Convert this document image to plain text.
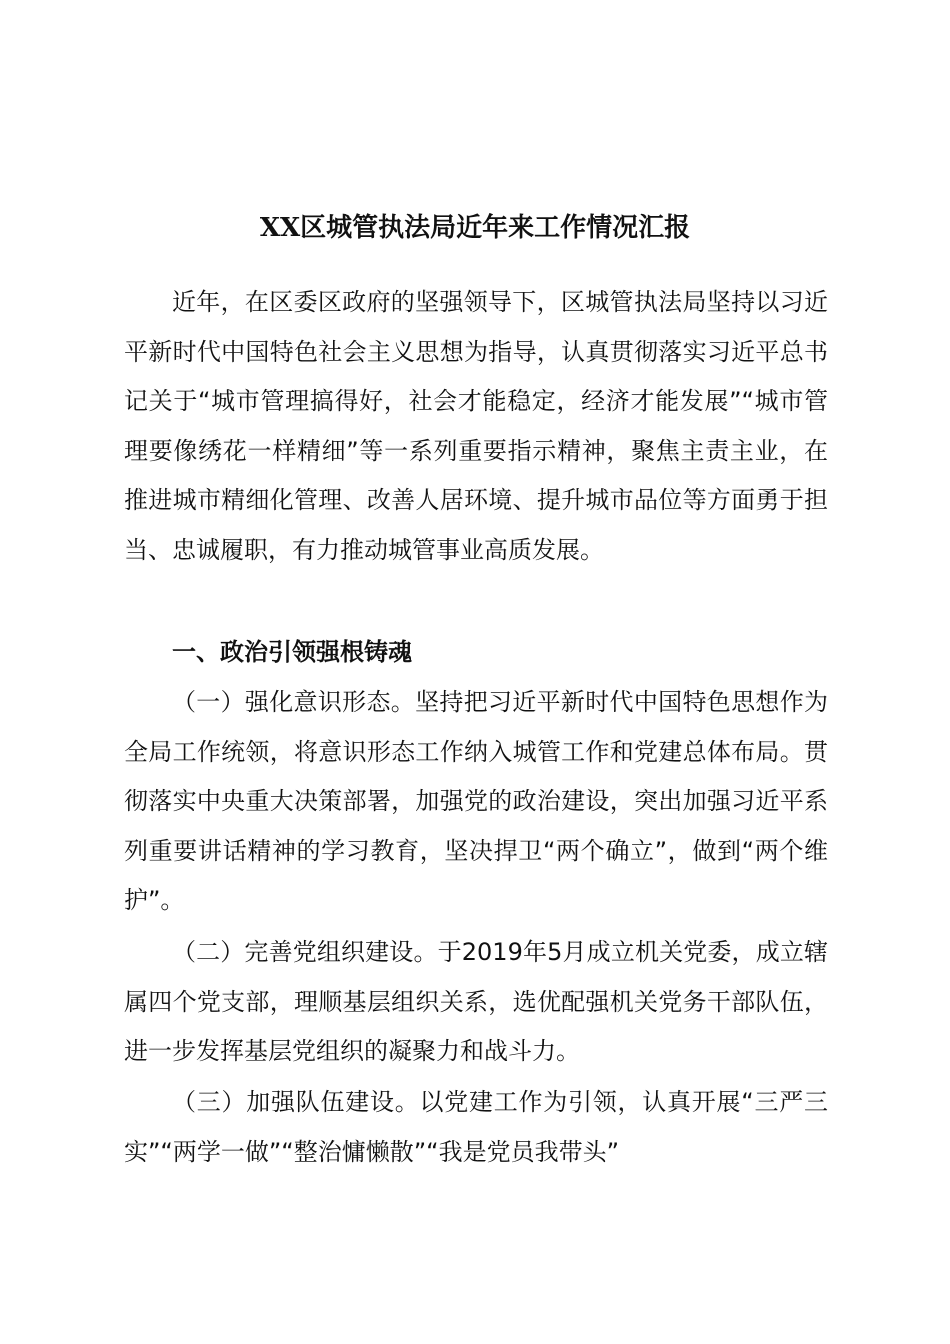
XX区城管执法局近年来工作情况汇报

近年，在区委区政府的坚强领导下，区城管执法局坚持以习近平新时代中国特色社会主义思想为指导，认真贯彻落实习近平总书记关于“城市管理搞得好，社会才能稳定，经济才能发展”“城市管理要像绣花一样精细”等一系列重要指示精神，聚焦主责主业，在推进城市精细化管理、改善人居环境、提升城市品位等方面勇于担当、忠诚履职，有力推动城管事业高质发展。

一、政治引领强根铸魂

（一）强化意识形态。坚持把习近平新时代中国特色思想作为全局工作统领，将意识形态工作纳入城管工作和党建总体布局。贯彻落实中央重大决策部署，加强党的政治建设，突出加强习近平系列重要讲话精神的学习教育，坚决捍卫“两个确立”，做到“两个维护”。

（二）完善党组织建设。于2019年5月成立机关党委，成立辖属四个党支部，理顺基层组织关系，选优配强机关党务干部队伍，进一步发挥基层党组织的凝聚力和战斗力。

（三）加强队伍建设。以党建工作为引领，认真开展“三严三实”“两学一做”“整治慵懒散”“我是党员我带头”
